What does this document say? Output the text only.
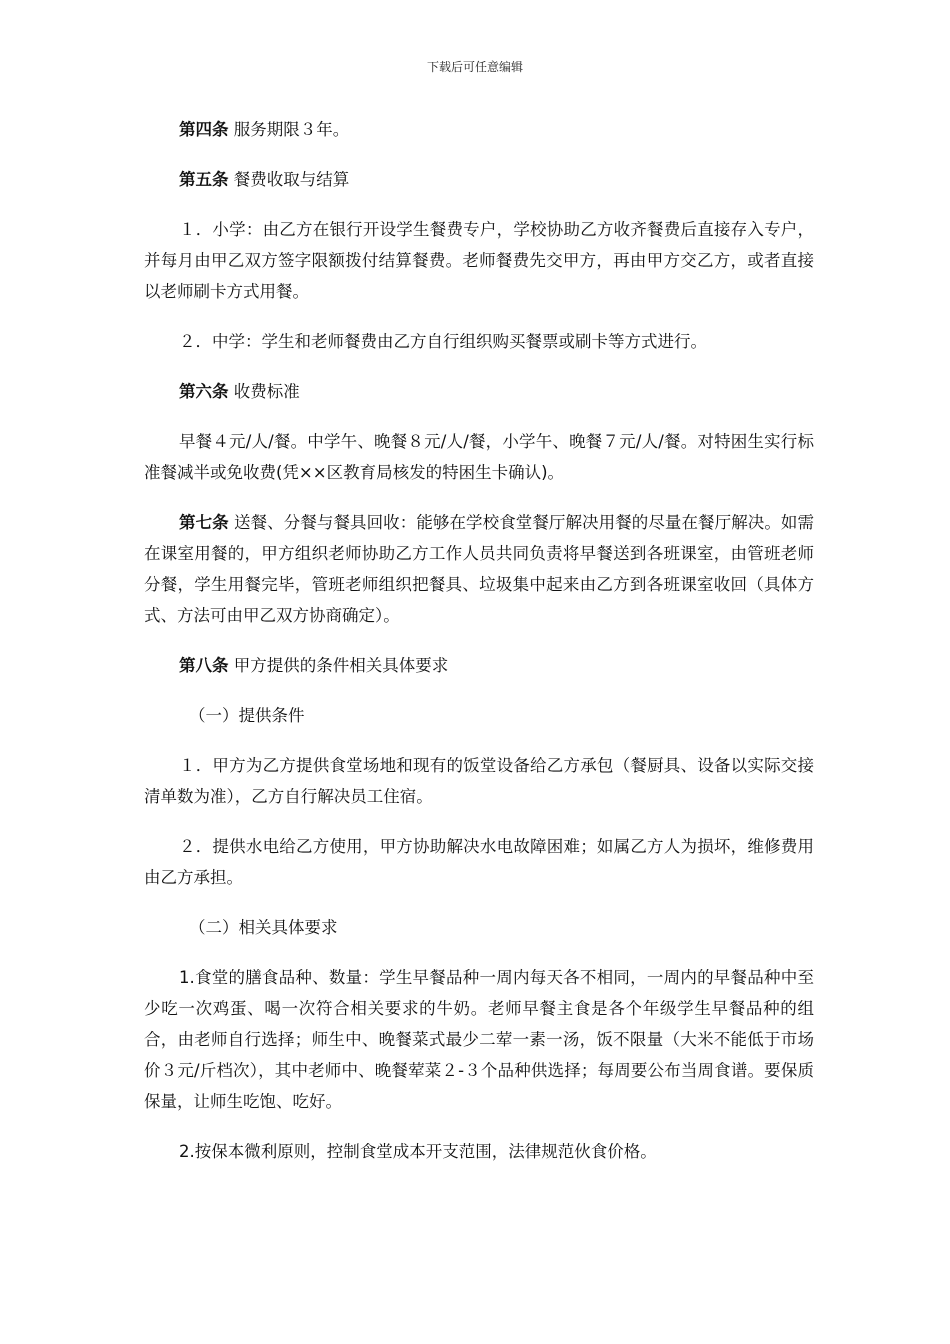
下载后可任意编辑

第四条 服务期限３年。

第五条 餐费收取与结算

１．小学：由乙方在银行开设学生餐费专户，学校协助乙方收齐餐费后直接存入专户，并每月由甲乙双方签字限额拨付结算餐费。老师餐费先交甲方，再由甲方交乙方，或者直接以老师刷卡方式用餐。

２．中学：学生和老师餐费由乙方自行组织购买餐票或刷卡等方式进行。

第六条 收费标准

早餐４元/人/餐。中学午、晚餐８元/人/餐，小学午、晚餐７元/人/餐。对特困生实行标准餐减半或免收费(凭××区教育局核发的特困生卡确认)。

第七条 送餐、分餐与餐具回收：能够在学校食堂餐厅解决用餐的尽量在餐厅解决。如需在课室用餐的，甲方组织老师协助乙方工作人员共同负责将早餐送到各班课室，由管班老师分餐，学生用餐完毕，管班老师组织把餐具、垃圾集中起来由乙方到各班课室收回（具体方式、方法可由甲乙双方协商确定）。

第八条 甲方提供的条件相关具体要求

（一）提供条件

１．甲方为乙方提供食堂场地和现有的饭堂设备给乙方承包（餐厨具、设备以实际交接清单数为准），乙方自行解决员工住宿。

２．提供水电给乙方使用，甲方协助解决水电故障困难；如属乙方人为损坏，维修费用由乙方承担。

（二）相关具体要求

1.食堂的膳食品种、数量：学生早餐品种一周内每天各不相同，一周内的早餐品种中至少吃一次鸡蛋、喝一次符合相关要求的牛奶。老师早餐主食是各个年级学生早餐品种的组合，由老师自行选择；师生中、晚餐菜式最少二荤一素一汤，饭不限量（大米不能低于市场价３元/斤档次），其中老师中、晚餐荤菜２-３个品种供选择；每周要公布当周食谱。要保质保量，让师生吃饱、吃好。

2.按保本微利原则，控制食堂成本开支范围，法律规范伙食价格。
